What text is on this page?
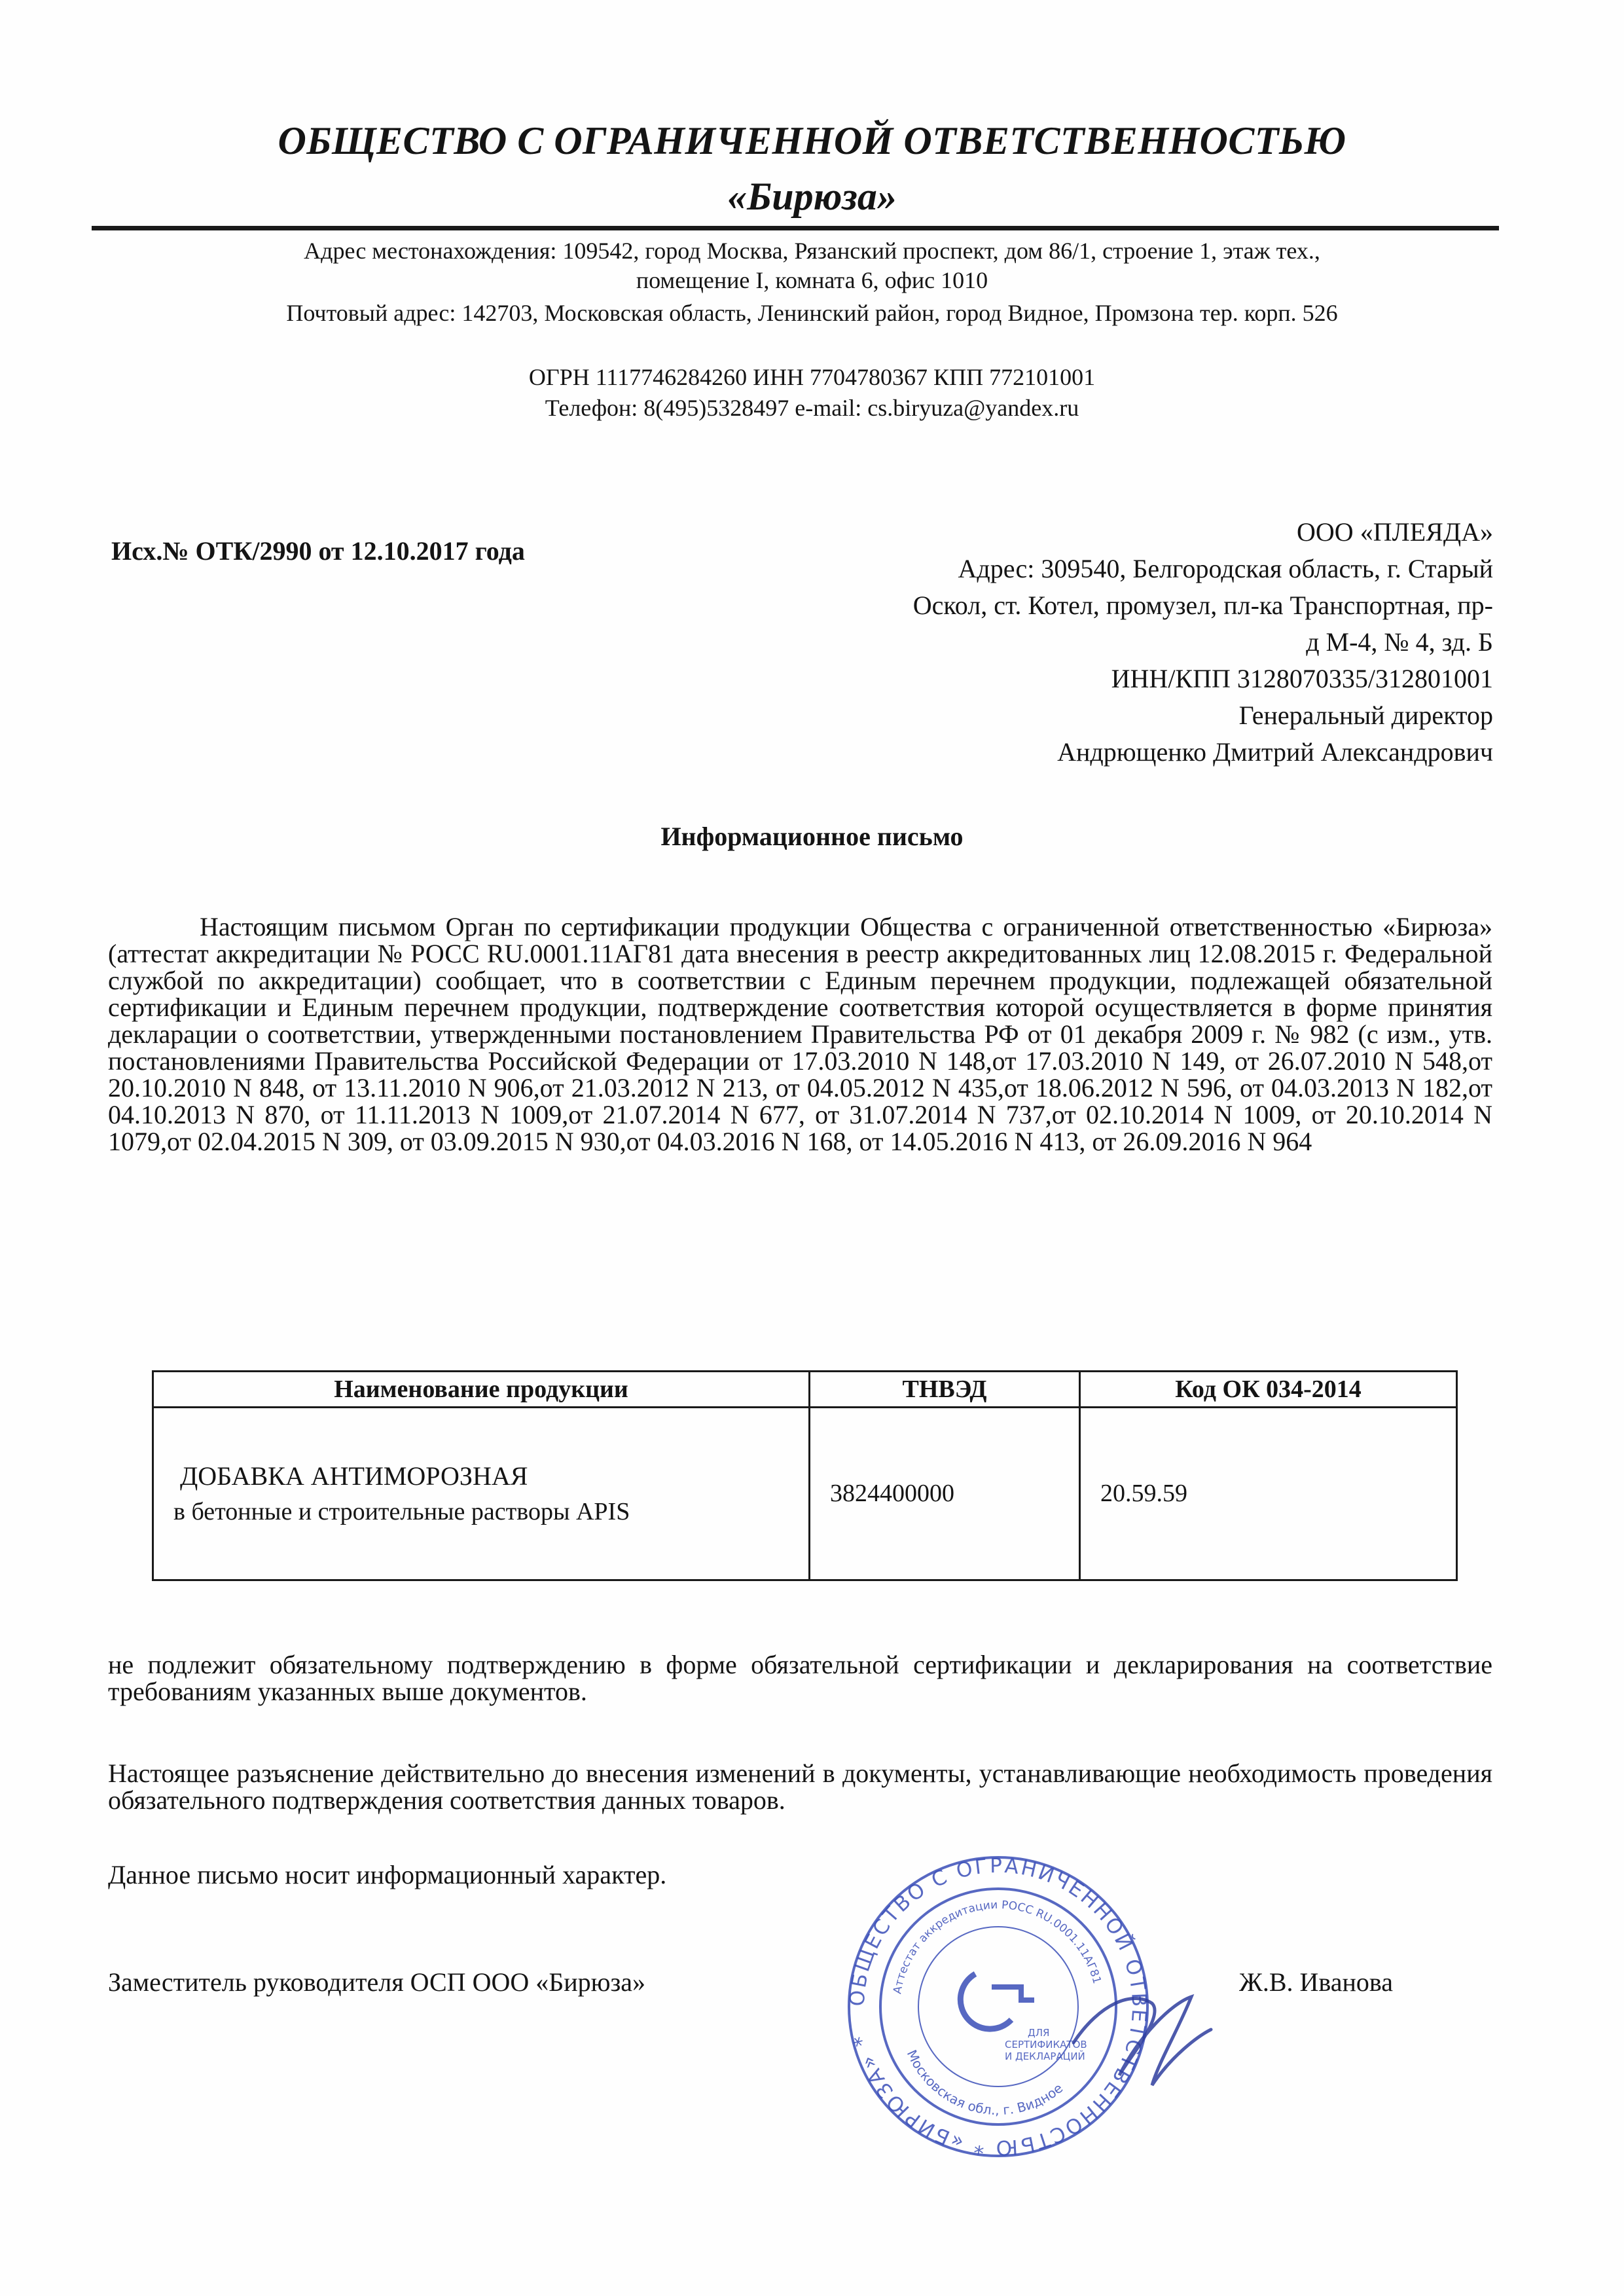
ОБЩЕСТВО С ОГРАНИЧЕННОЙ ОТВЕТСТВЕННОСТЬЮ
«Бирюза»
Адрес местонахождения: 109542, город Москва, Рязанский проспект, дом 86/1, строение 1, этаж тех.,
помещение I, комната 6, офис 1010
Почтовый адрес: 142703, Московская область, Ленинский район, город Видное, Промзона тер. корп. 526
ОГРН 1117746284260 ИНН 7704780367 КПП 772101001
Телефон: 8(495)5328497 e-mail: cs.biryuza@yandex.ru
Исх.№ ОТК/2990 от 12.10.2017 года
ООО «ПЛЕЯДА»
Адрес: 309540, Белгородская область, г. Старый
Оскол, ст. Котел, промузел, пл-ка Транспортная, пр-
д М-4, № 4, зд. Б
ИНН/КПП 3128070335/312801001
Генеральный директор
Андрющенко Дмитрий Александрович
Информационное письмо
Настоящим письмом Орган по сертификации продукции Общества с ограниченной ответственностью «Бирюза» (аттестат аккредитации № РОСС RU.0001.11АГ81 дата внесения в реестр аккредитованных лиц 12.08.2015 г. Федеральной службой по аккредитации) сообщает, что в соответствии с Единым перечнем продукции, подлежащей обязательной сертификации и Единым перечнем продукции, подтверждение соответствия которой осуществляется в форме принятия декларации о соответствии, утвержденными постановлением Правительства РФ от 01 декабря 2009 г. № 982 (с изм., утв. постановлениями Правительства Российской Федерации от 17.03.2010 N 148,от 17.03.2010 N 149, от 26.07.2010 N 548,от 20.10.2010 N 848, от 13.11.2010 N 906,от 21.03.2012 N 213, от 04.05.2012 N 435,от 18.06.2012 N 596, от 04.03.2013 N 182,от 04.10.2013 N 870, от 11.11.2013 N 1009,от 21.07.2014 N 677, от 31.07.2014 N 737,от 02.10.2014 N 1009, от 20.10.2014 N 1079,от 02.04.2015 N 309, от 03.09.2015 N 930,от 04.03.2016 N 168, от 14.05.2016 N 413, от 26.09.2016 N 964
Наименование продукции	ТНВЭД	Код ОК 034-2014

ДОБАВКА АНТИМОРОЗНАЯ
в бетонные и строительные растворы APIS	3824400000	20.59.59
не подлежит обязательному подтверждению в форме обязательной сертификации и декларирования на соответствие требованиям указанных выше документов.
Настоящее разъяснение действительно до внесения изменений в документы, устанавливающие необходимость проведения обязательного подтверждения соответствия данных товаров.
Данное письмо носит информационный характер.
Заместитель руководителя ОСП ООО «Бирюза»	Ж.В. Иванова
ОБЩЕСТВО С ОГРАНИЧЕННОЙ ОТВЕТСТВЕННОСТЬЮ * «БИРЮЗА» *
Аттестат аккредитации РОСС RU.0001.11АГ81
Московская обл., г. Видное
ДЛЯ
СЕРТИФИКАТОВ
И ДЕКЛАРАЦИЙ
